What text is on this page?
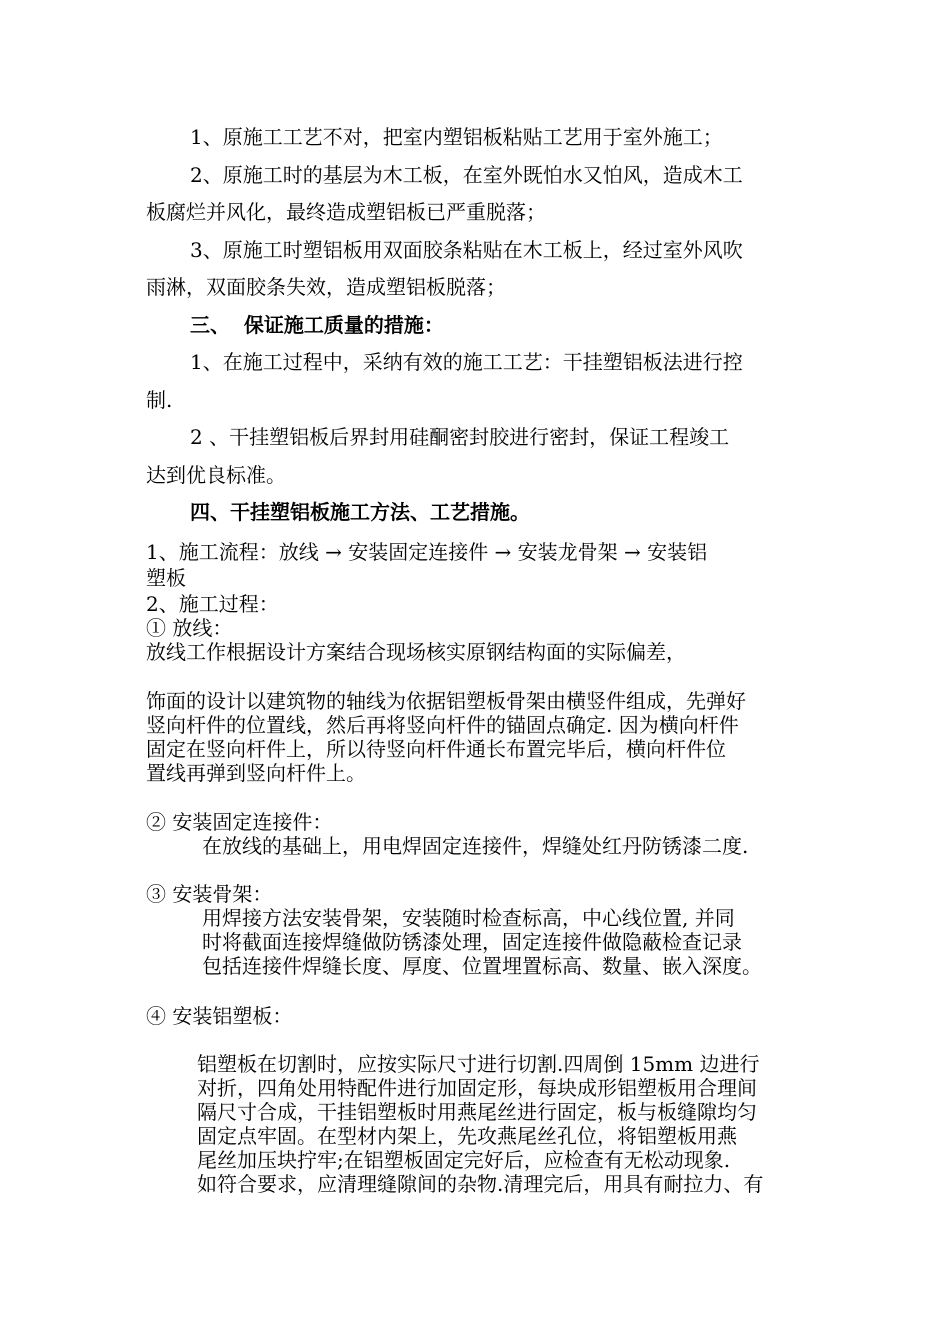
1、原施工工艺不对，把室内塑铝板粘贴工艺用于室外施工；

2、原施工时的基层为木工板，在室外既怕水又怕风，造成木工

板腐烂并风化，最终造成塑铝板已严重脱落；

3、原施工时塑铝板用双面胶条粘贴在木工板上，经过室外风吹

雨淋，双面胶条失效，造成塑铝板脱落；

三、  保证施工质量的措施：

1、在施工过程中，采纳有效的施工工艺：干挂塑铝板法进行控

制.

2 、干挂塑铝板后界封用硅酮密封胶进行密封，保证工程竣工

达到优良标准。

四、干挂塑铝板施工方法、工艺措施。

1、施工流程：放线 → 安装固定连接件 → 安装龙骨架 → 安装铝

塑板

2、施工过程：

① 放线：

放线工作根据设计方案结合现场核实原钢结构面的实际偏差，

饰面的设计以建筑物的轴线为依据铝塑板骨架由横竖件组成，先弹好

竖向杆件的位置线，然后再将竖向杆件的锚固点确定. 因为横向杆件

固定在竖向杆件上，所以待竖向杆件通长布置完毕后，横向杆件位

置线再弹到竖向杆件上。

② 安装固定连接件：

在放线的基础上，用电焊固定连接件，焊缝处红丹防锈漆二度.

③ 安装骨架：

用焊接方法安装骨架，安装随时检查标高，中心线位置, 并同

时将截面连接焊缝做防锈漆处理，固定连接件做隐蔽检查记录

包括连接件焊缝长度、厚度、位置埋置标高、数量、嵌入深度。

④ 安装铝塑板：

铝塑板在切割时，应按实际尺寸进行切割.四周倒 15mm 边进行

对折，四角处用特配件进行加固定形，每块成形铝塑板用合理间

隔尺寸合成，干挂铝塑板时用燕尾丝进行固定，板与板缝隙均匀

固定点牢固。在型材内架上，先攻燕尾丝孔位，将铝塑板用燕

尾丝加压块拧牢;在铝塑板固定完好后，应检查有无松动现象.

如符合要求，应清理缝隙间的杂物.清理完后，用具有耐拉力、有
